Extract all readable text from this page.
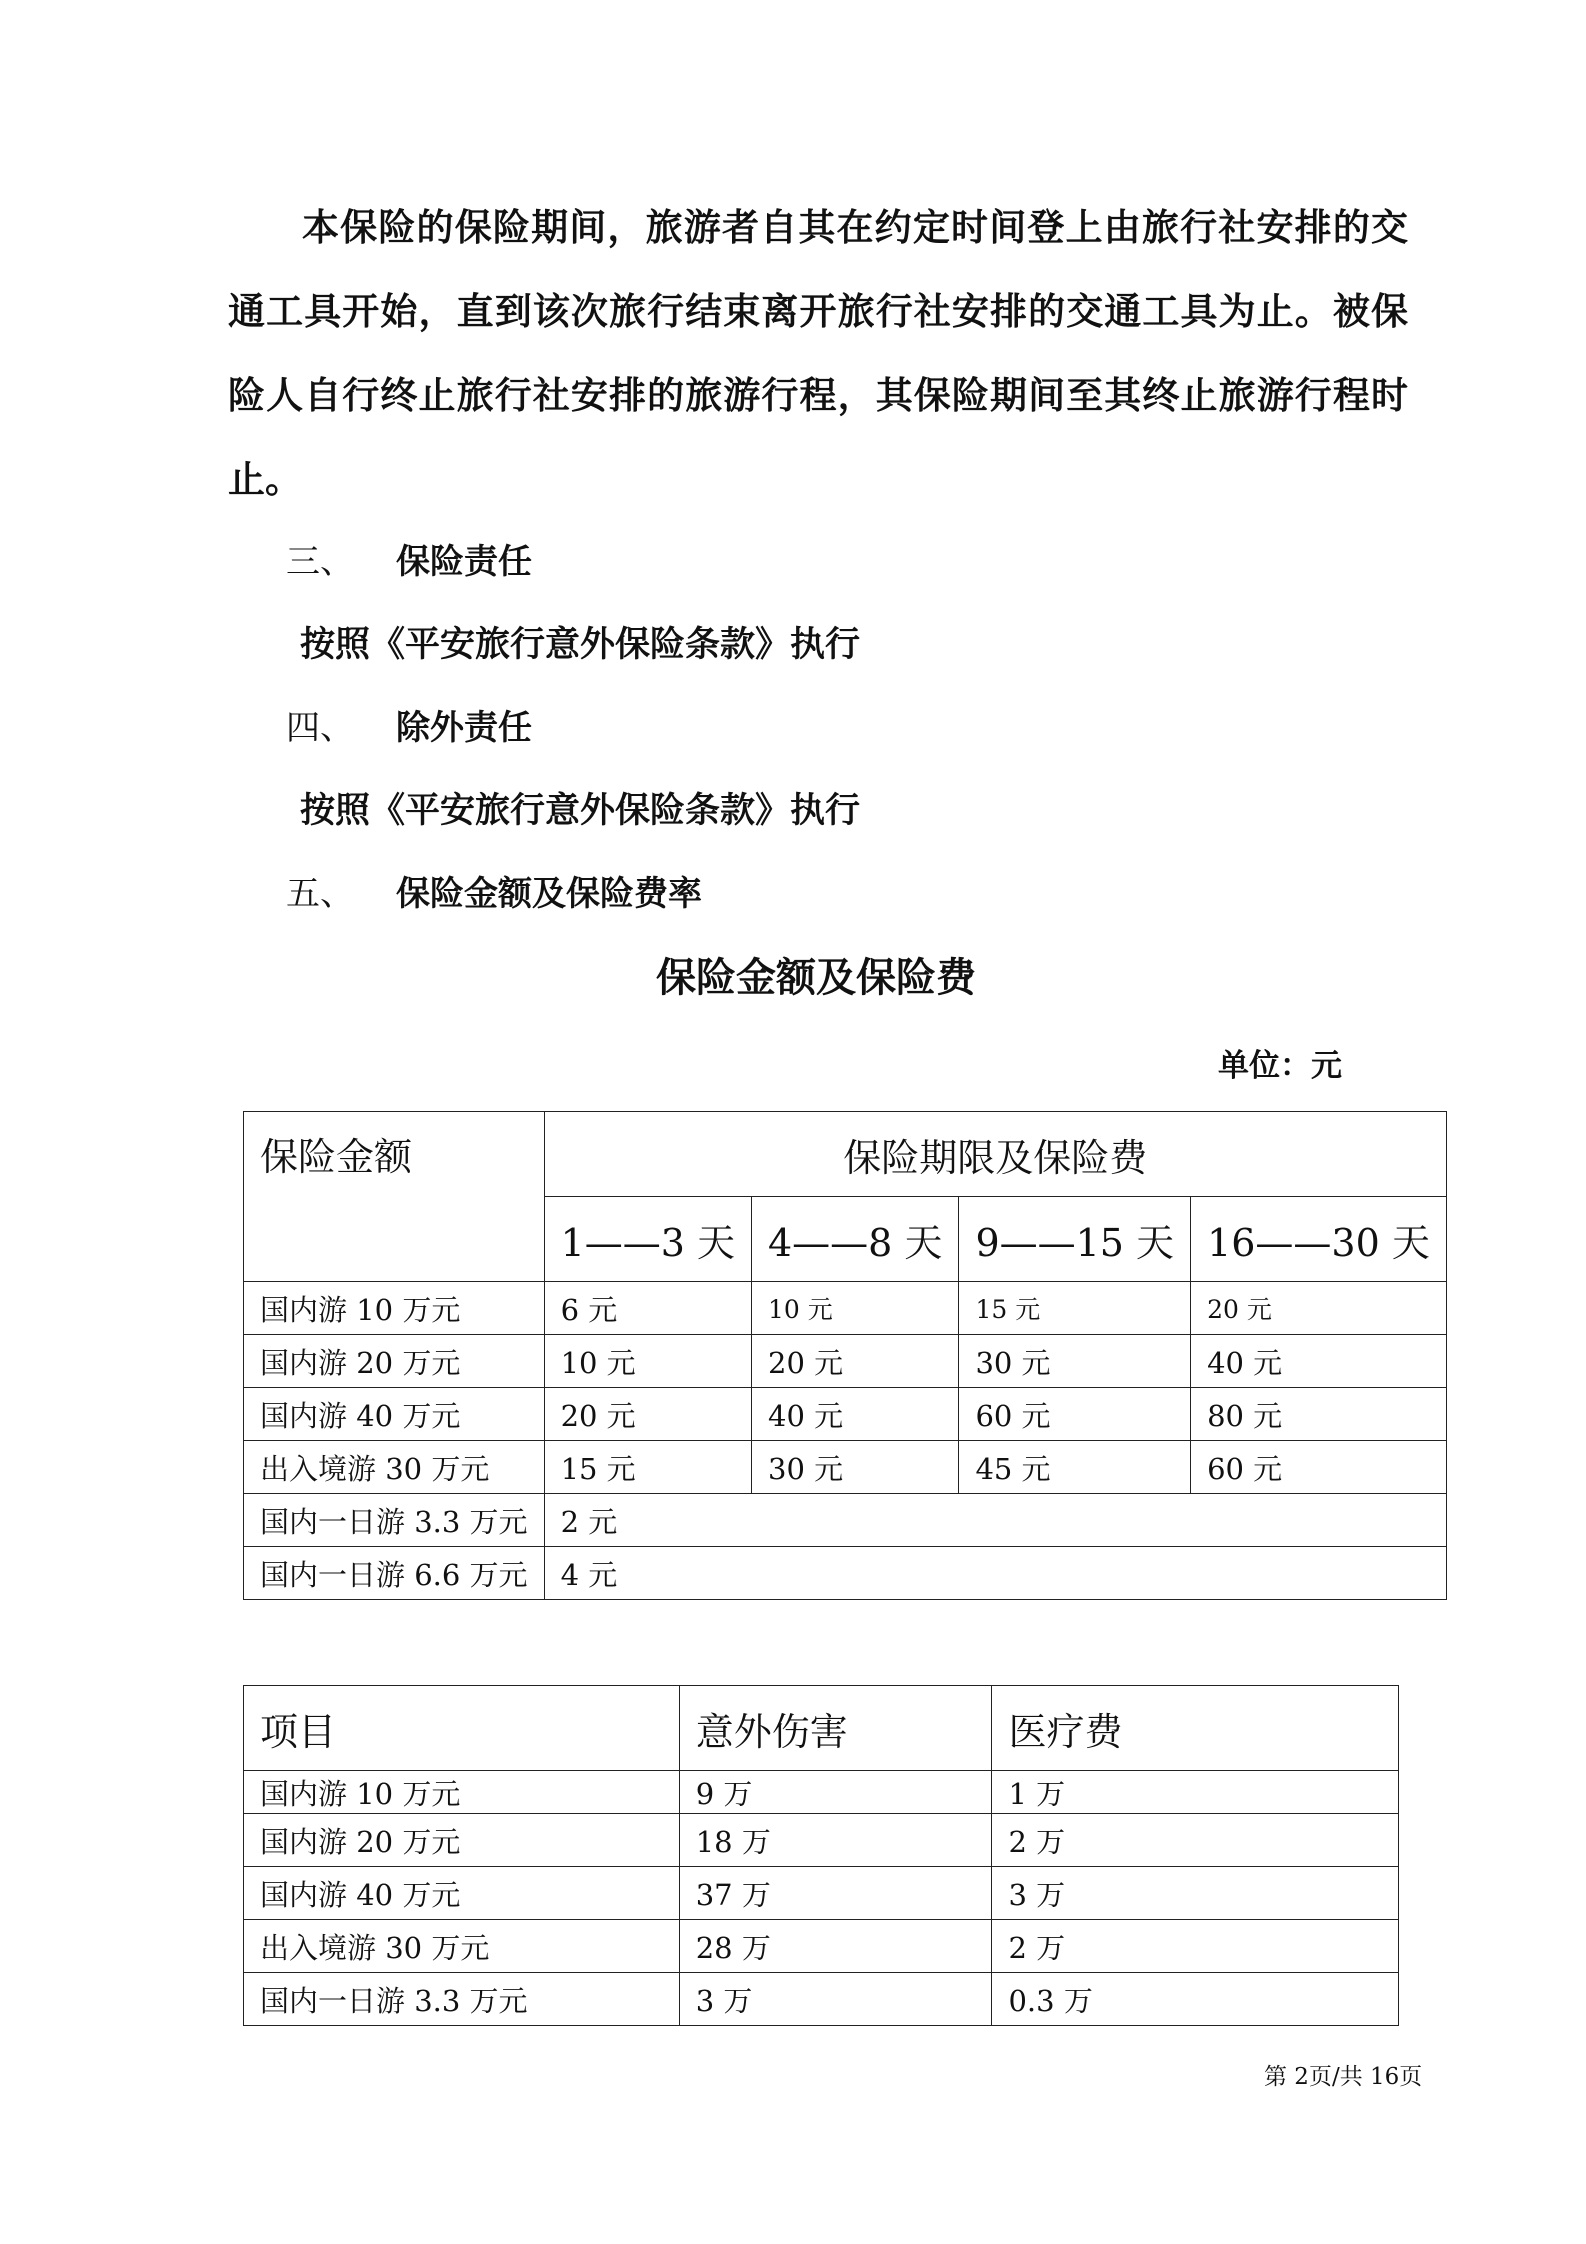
本保险的保险期间，旅游者自其在约定时间登上由旅行社安排的交通工具开始，直到该次旅行结束离开旅行社安排的交通工具为止。被保险人自行终止旅行社安排的旅游行程，其保险期间至其终止旅游行程时止。

三、 保险责任
按照《平安旅行意外保险条款》执行
四、 除外责任
按照《平安旅行意外保险条款》执行
五、 保险金额及保险费率
保险金额及保险费
单位：元
保险金额	保险期限及保险费			
	1——3 天	4——8 天	9——15 天	16——30 天
国内游 10 万元	6 元	10 元	15 元	20 元
国内游 20 万元	10 元	20 元	30 元	40 元
国内游 40 万元	20 元	40 元	60 元	80 元
出入境游 30 万元	15 元	30 元	45 元	60 元
国内一日游 3.3 万元	2 元			
国内一日游 6.6 万元	4 元			
项目	意外伤害	医疗费
国内游 10 万元	9 万	1 万
国内游 20 万元	18 万	2 万
国内游 40 万元	37 万	3 万
出入境游 30 万元	28 万	2 万
国内一日游 3.3 万元	3 万	0.3 万
第 2页/共 16页
